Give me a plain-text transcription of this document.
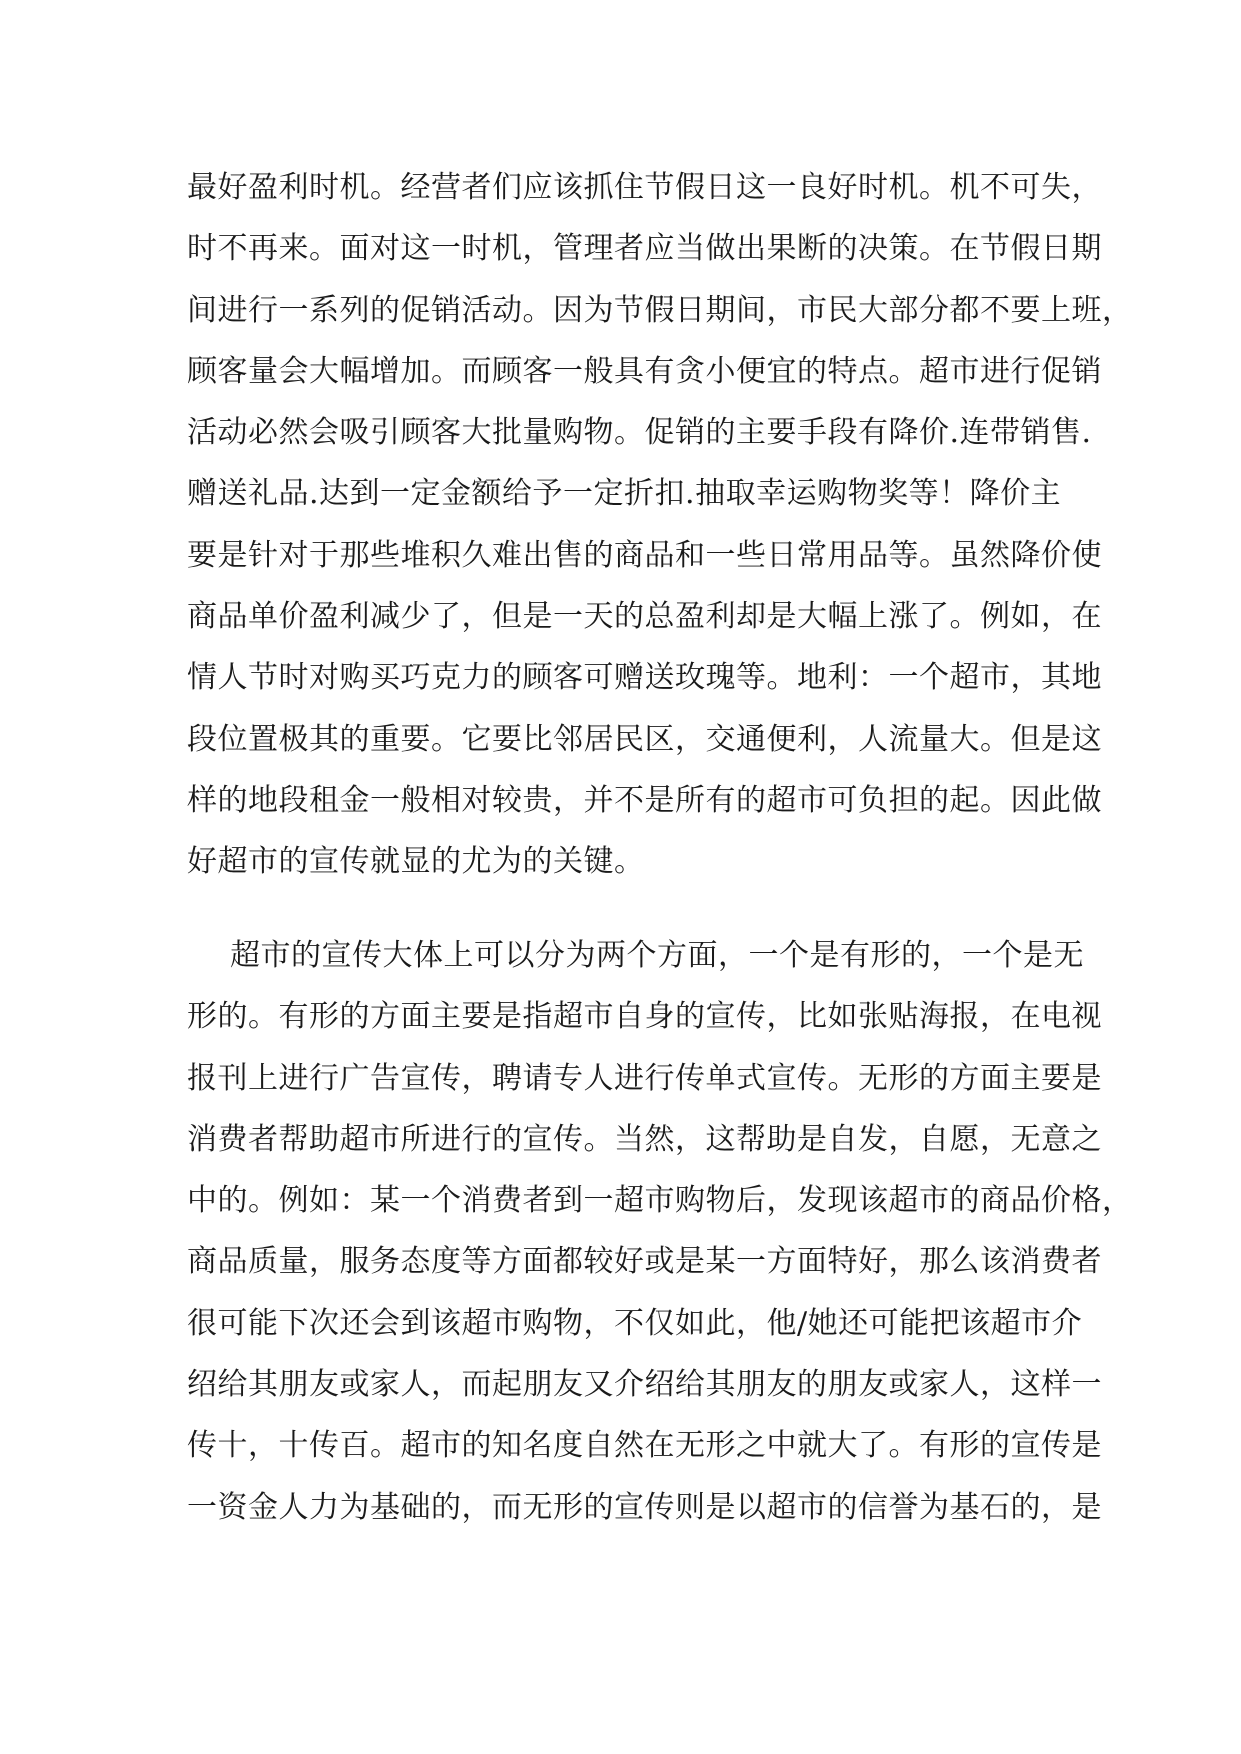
最好盈利时机。经营者们应该抓住节假日这一良好时机。机不可失，
时不再来。面对这一时机，管理者应当做出果断的决策。在节假日期
间进行一系列的促销活动。因为节假日期间，市民大部分都不要上班，
顾客量会大幅增加。而顾客一般具有贪小便宜的特点。超市进行促销
活动必然会吸引顾客大批量购物。促销的主要手段有降价.连带销售.
赠送礼品.达到一定金额给予一定折扣.抽取幸运购物奖等！降价主
要是针对于那些堆积久难出售的商品和一些日常用品等。虽然降价使
商品单价盈利减少了，但是一天的总盈利却是大幅上涨了。例如，在
情人节时对购买巧克力的顾客可赠送玫瑰等。地利：一个超市，其地
段位置极其的重要。它要比邻居民区，交通便利，人流量大。但是这
样的地段租金一般相对较贵，并不是所有的超市可负担的起。因此做
好超市的宣传就显的尤为的关键。

超市的宣传大体上可以分为两个方面，一个是有形的，一个是无
形的。有形的方面主要是指超市自身的宣传，比如张贴海报，在电视
报刊上进行广告宣传，聘请专人进行传单式宣传。无形的方面主要是
消费者帮助超市所进行的宣传。当然，这帮助是自发，自愿，无意之
中的。例如：某一个消费者到一超市购物后，发现该超市的商品价格，
商品质量，服务态度等方面都较好或是某一方面特好，那么该消费者
很可能下次还会到该超市购物，不仅如此，他/她还可能把该超市介
绍给其朋友或家人，而起朋友又介绍给其朋友的朋友或家人，这样一
传十，十传百。超市的知名度自然在无形之中就大了。有形的宣传是
一资金人力为基础的，而无形的宣传则是以超市的信誉为基石的，是
